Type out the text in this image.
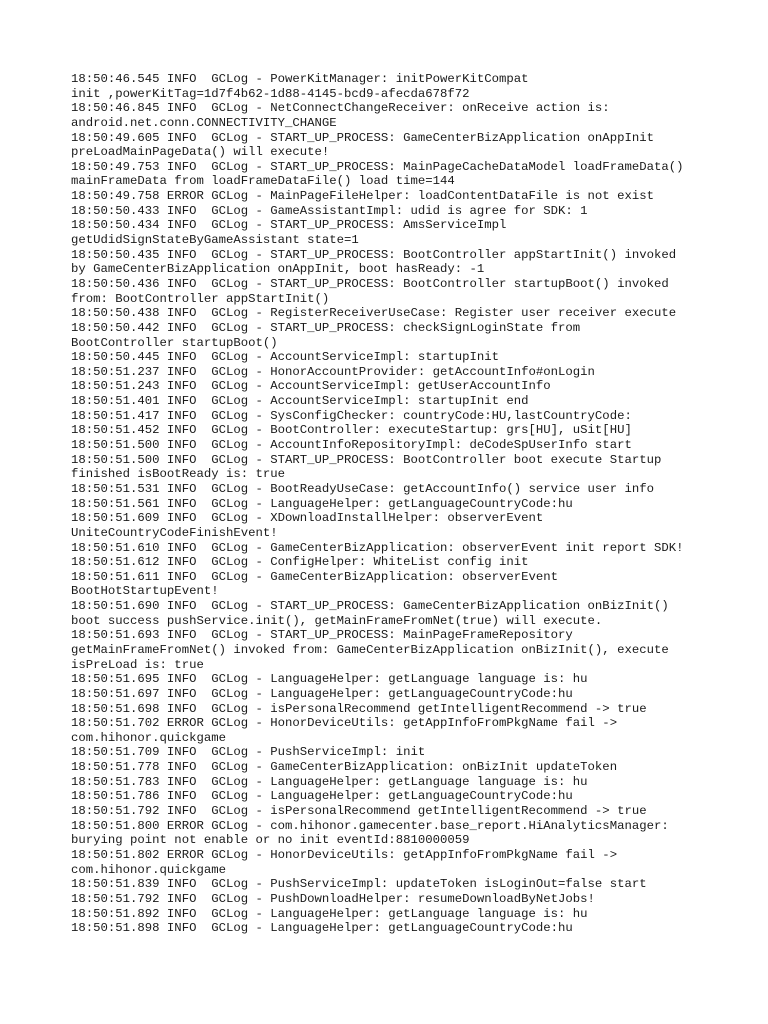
18:50:46.545 INFO  GCLog - PowerKitManager: initPowerKitCompat
init ,powerKitTag=1d7f4b62-1d88-4145-bcd9-afecda678f72
18:50:46.845 INFO  GCLog - NetConnectChangeReceiver: onReceive action is:
android.net.conn.CONNECTIVITY_CHANGE
18:50:49.605 INFO  GCLog - START_UP_PROCESS: GameCenterBizApplication onAppInit
preLoadMainPageData() will execute!
18:50:49.753 INFO  GCLog - START_UP_PROCESS: MainPageCacheDataModel loadFrameData()
mainFrameData from loadFrameDataFile() load time=144
18:50:49.758 ERROR GCLog - MainPageFileHelper: loadContentDataFile is not exist
18:50:50.433 INFO  GCLog - GameAssistantImpl: udid is agree for SDK: 1
18:50:50.434 INFO  GCLog - START_UP_PROCESS: AmsServiceImpl
getUdidSignStateByGameAssistant state=1
18:50:50.435 INFO  GCLog - START_UP_PROCESS: BootController appStartInit() invoked
by GameCenterBizApplication onAppInit, boot hasReady: -1
18:50:50.436 INFO  GCLog - START_UP_PROCESS: BootController startupBoot() invoked
from: BootController appStartInit()
18:50:50.438 INFO  GCLog - RegisterReceiverUseCase: Register user receiver execute
18:50:50.442 INFO  GCLog - START_UP_PROCESS: checkSignLoginState from
BootController startupBoot()
18:50:50.445 INFO  GCLog - AccountServiceImpl: startupInit
18:50:51.237 INFO  GCLog - HonorAccountProvider: getAccountInfo#onLogin
18:50:51.243 INFO  GCLog - AccountServiceImpl: getUserAccountInfo
18:50:51.401 INFO  GCLog - AccountServiceImpl: startupInit end
18:50:51.417 INFO  GCLog - SysConfigChecker: countryCode:HU,lastCountryCode:
18:50:51.452 INFO  GCLog - BootController: executeStartup: grs[HU], uSit[HU]
18:50:51.500 INFO  GCLog - AccountInfoRepositoryImpl: deCodeSpUserInfo start
18:50:51.500 INFO  GCLog - START_UP_PROCESS: BootController boot execute Startup
finished isBootReady is: true
18:50:51.531 INFO  GCLog - BootReadyUseCase: getAccountInfo() service user info
18:50:51.561 INFO  GCLog - LanguageHelper: getLanguageCountryCode:hu
18:50:51.609 INFO  GCLog - XDownloadInstallHelper: observerEvent
UniteCountryCodeFinishEvent!
18:50:51.610 INFO  GCLog - GameCenterBizApplication: observerEvent init report SDK!
18:50:51.612 INFO  GCLog - ConfigHelper: WhiteList config init
18:50:51.611 INFO  GCLog - GameCenterBizApplication: observerEvent
BootHotStartupEvent!
18:50:51.690 INFO  GCLog - START_UP_PROCESS: GameCenterBizApplication onBizInit()
boot success pushService.init(), getMainFrameFromNet(true) will execute.
18:50:51.693 INFO  GCLog - START_UP_PROCESS: MainPageFrameRepository
getMainFrameFromNet() invoked from: GameCenterBizApplication onBizInit(), execute
isPreLoad is: true
18:50:51.695 INFO  GCLog - LanguageHelper: getLanguage language is: hu
18:50:51.697 INFO  GCLog - LanguageHelper: getLanguageCountryCode:hu
18:50:51.698 INFO  GCLog - isPersonalRecommend getIntelligentRecommend -> true
18:50:51.702 ERROR GCLog - HonorDeviceUtils: getAppInfoFromPkgName fail ->
com.hihonor.quickgame
18:50:51.709 INFO  GCLog - PushServiceImpl: init
18:50:51.778 INFO  GCLog - GameCenterBizApplication: onBizInit updateToken
18:50:51.783 INFO  GCLog - LanguageHelper: getLanguage language is: hu
18:50:51.786 INFO  GCLog - LanguageHelper: getLanguageCountryCode:hu
18:50:51.792 INFO  GCLog - isPersonalRecommend getIntelligentRecommend -> true
18:50:51.800 ERROR GCLog - com.hihonor.gamecenter.base_report.HiAnalyticsManager:
burying point not enable or no init eventId:8810000059
18:50:51.802 ERROR GCLog - HonorDeviceUtils: getAppInfoFromPkgName fail ->
com.hihonor.quickgame
18:50:51.839 INFO  GCLog - PushServiceImpl: updateToken isLoginOut=false start
18:50:51.792 INFO  GCLog - PushDownloadHelper: resumeDownloadByNetJobs!
18:50:51.892 INFO  GCLog - LanguageHelper: getLanguage language is: hu
18:50:51.898 INFO  GCLog - LanguageHelper: getLanguageCountryCode:hu
